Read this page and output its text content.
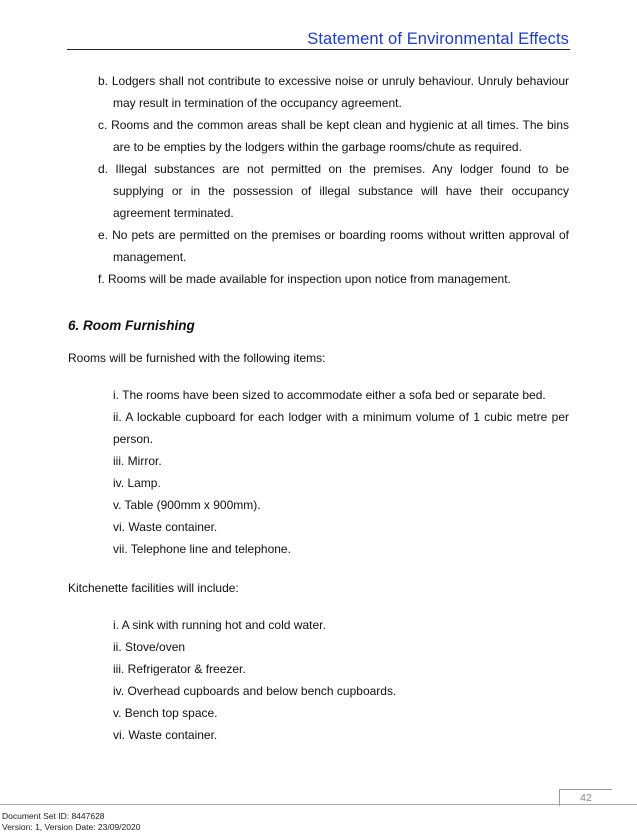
Statement of Environmental Effects
b. Lodgers shall not contribute to excessive noise or unruly behaviour. Unruly behaviour may result in termination of the occupancy agreement.
c. Rooms and the common areas shall be kept clean and hygienic at all times. The bins are to be empties by the lodgers within the garbage rooms/chute as required.
d. Illegal substances are not permitted on the premises. Any lodger found to be supplying or in the possession of illegal substance will have their occupancy agreement terminated.
e. No pets are permitted on the premises or boarding rooms without written approval of management.
f. Rooms will be made available for inspection upon notice from management.
6. Room Furnishing
Rooms will be furnished with the following items:
i. The rooms have been sized to accommodate either a sofa bed or separate bed.
ii. A lockable cupboard for each lodger with a minimum volume of 1 cubic metre per person.
iii. Mirror.
iv. Lamp.
v. Table (900mm x 900mm).
vi. Waste container.
vii. Telephone line and telephone.
Kitchenette facilities will include:
i. A sink with running hot and cold water.
ii. Stove/oven
iii. Refrigerator & freezer.
iv. Overhead cupboards and below bench cupboards.
v. Bench top space.
vi. Waste container.
42
Document Set ID: 8447628
Version: 1, Version Date: 23/09/2020
